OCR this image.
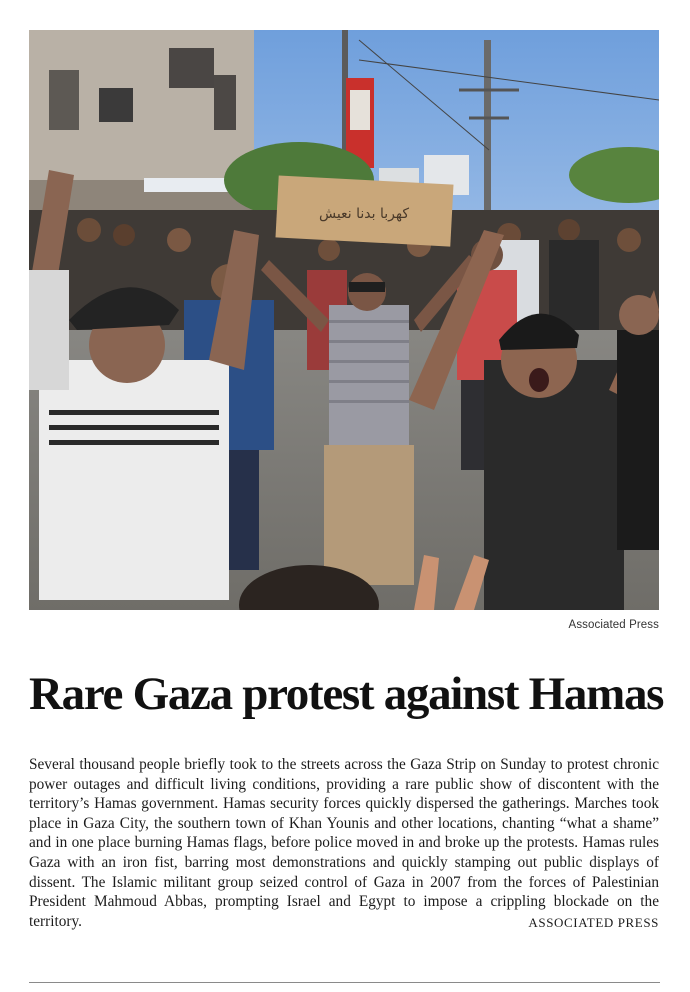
كهربا بدنا نعيش
Associated Press
Rare Gaza protest against Hamas
Several thousand people briefly took to the streets across the Gaza Strip on Sunday to protest chronic power outages and difficult living conditions, providing a rare public show of discontent with the territory’s Hamas government. Hamas security forces quickly dispersed the gatherings. Marches took place in Gaza City, the southern town of Khan Younis and other locations, chanting “what a shame” and in one place burning Hamas flags, before police moved in and broke up the protests. Hamas rules Gaza with an iron fist, barring most demonstrations and quickly stamping out public displays of dissent. The Islamic militant group seized control of Gaza in 2007 from the forces of Palestinian President Mahmoud Abbas, prompting Israel and Egypt to impose a crippling blockade on the territory.	ASSOCIATED PRESS
